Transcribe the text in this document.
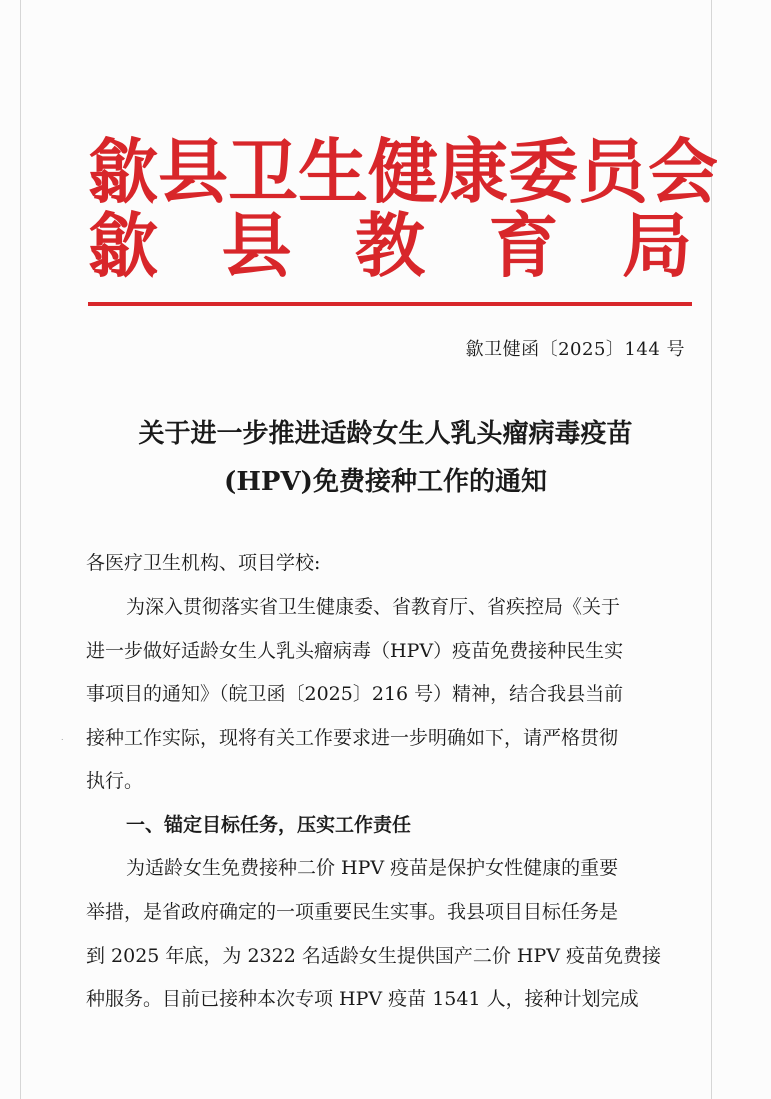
歙 县 卫 生 健 康 委 员 会
歙 县 教 育 局
歙卫健函〔2025〕144 号
关于进一步推进适龄女生人乳头瘤病毒疫苗
(HPV)免费接种工作的通知
各医疗卫生机构、项目学校:
为深入贯彻落实省卫生健康委、省教育厅、省疾控局《关于
进一步做好适龄女生人乳头瘤病毒（HPV）疫苗免费接种民生实
事项目的通知》（皖卫函〔2025〕216 号）精神，结合我县当前
接种工作实际，现将有关工作要求进一步明确如下，请严格贯彻
执行。
一、锚定目标任务，压实工作责任
为适龄女生免费接种二价 HPV 疫苗是保护女性健康的重要
举措，是省政府确定的一项重要民生实事。我县项目目标任务是
到 2025 年底，为 2322 名适龄女生提供国产二价 HPV 疫苗免费接
种服务。目前已接种本次专项 HPV 疫苗 1541 人，接种计划完成
˙
